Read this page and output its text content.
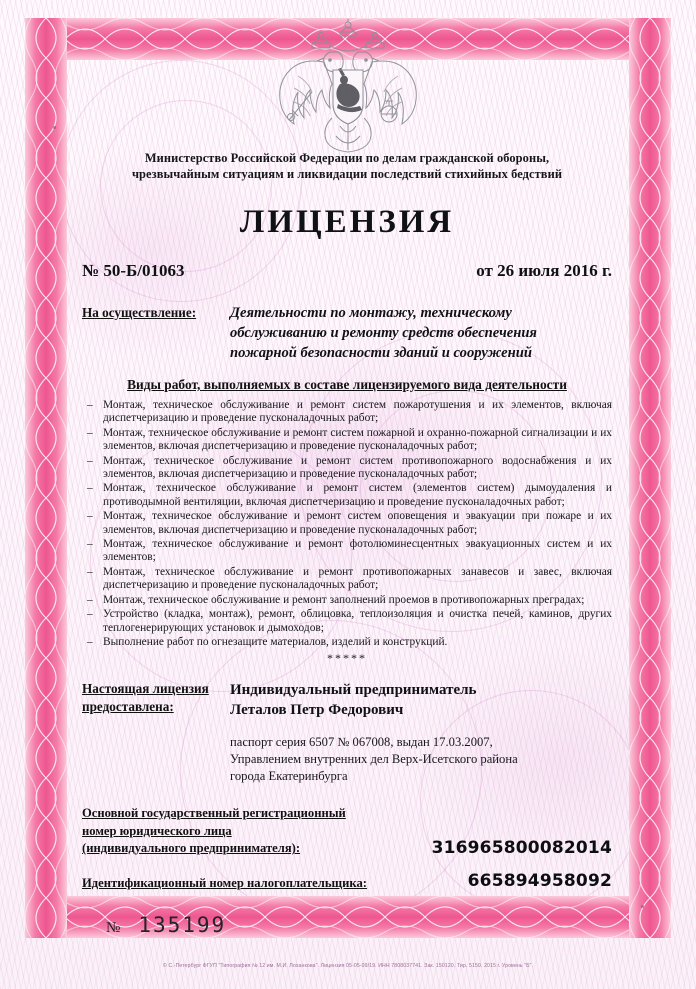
Министерство Российской Федерации по делам гражданской обороны,
чрезвычайным ситуациям и ликвидации последствий стихийных бедствий
ЛИЦЕНЗИЯ
№ 50-Б/01063	от 26 июля 2016 г.
На осуществление:	Деятельности по монтажу, техническому
обслуживанию и ремонту средств обеспечения
пожарной безопасности зданий и сооружений
Виды работ, выполняемых в составе лицензируемого вида деятельности
– Монтаж, техническое обслуживание и ремонт систем пожаротушения и их элементов, включая диспетчеризацию и проведение пусконаладочных работ;
– Монтаж, техническое обслуживание и ремонт систем пожарной и охранно-пожарной сигнализации и их элементов, включая диспетчеризацию и проведение пусконаладочных работ;
– Монтаж, техническое обслуживание и ремонт систем противопожарного водоснабжения и их элементов, включая диспетчеризацию и проведение пусконаладочных работ;
– Монтаж, техническое обслуживание и ремонт систем (элементов систем) дымоудаления и противодымной вентиляции, включая диспетчеризацию и проведение пусконаладочных работ;
– Монтаж, техническое обслуживание и ремонт систем оповещения и эвакуации при пожаре и их элементов, включая диспетчеризацию и проведение пусконаладочных работ;
– Монтаж, техническое обслуживание и ремонт фотолюминесцентных эвакуационных систем и их элементов;
– Монтаж, техническое обслуживание и ремонт противопожарных занавесов и завес, включая диспетчеризацию и проведение пусконаладочных работ;
– Монтаж, техническое обслуживание и ремонт заполнений проемов в противопожарных преградах;
– Устройство (кладка, монтаж), ремонт, облицовка, теплоизоляция и очистка печей, каминов, других теплогенерирующих установок и дымоходов;
– Выполнение работ по огнезащите материалов, изделий и конструкций.
*****
Настоящая лицензия
предоставлена:
Индивидуальный предприниматель
Леталов Петр Федорович
паспорт серия 6507 № 067008, выдан 17.03.2007,
Управлением внутренних дел Верх-Исетского района
города Екатеринбурга
Основной государственный регистрационный номер юридического лица (индивидуального предпринимателя):	316965800082014
Идентификационный номер налогоплательщика:	665894958092
№ 135199
© С.-Петербург ФГУП "Типография № 12 им. М.И. Лоханкова". Лицензия 05-05-09/19. ИНН 7808037741. Зак. 150120. Тир. 5150. 2015 г. Уровень "Б".
